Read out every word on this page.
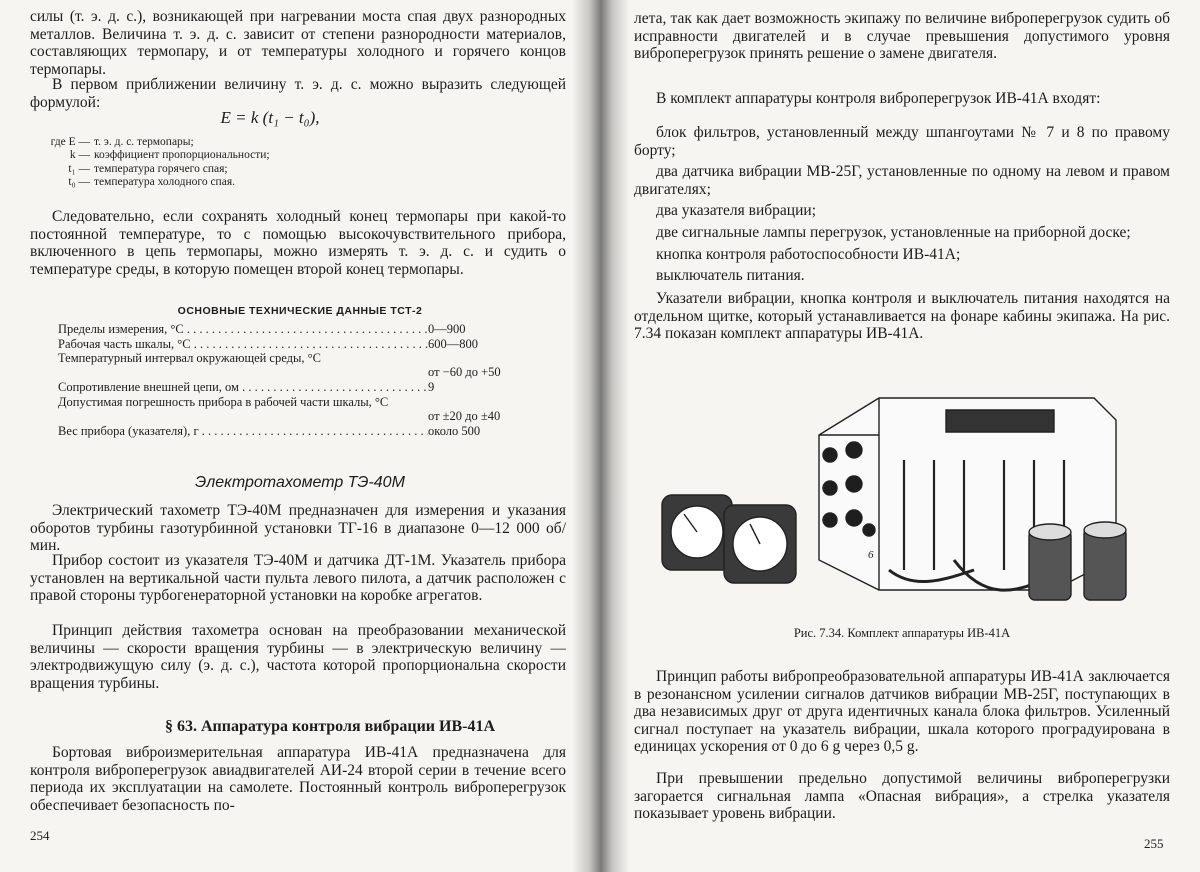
силы (т. э. д. с.), возникающей при нагревании моста спая двух разнородных металлов. Величина т. э. д. с. зависит от степени разнородности материалов, составляющих термопару, и от температуры холодного и горячего концов термопары.

В первом приближении величину т. э. д. с. можно выразить следующей формулой:

E = k (t₁ − t₀),

где E — т. э. д. с. термопары;
k — коэффициент пропорциональности;
t₁ — температура горячего спая;
t₀ — температура холодного спая.

Следовательно, если сохранять холодный конец термопары при какой-то постоянной температуре, то с помощью высокочувствительного прибора, включенного в цепь термопары, можно измерять т. э. д. с. и судить о температуре среды, в которую помещен второй конец термопары.

ОСНОВНЫЕ ТЕХНИЧЕСКИЕ ДАННЫЕ ТСТ-2

Пределы измерения, °С . . .	0—900
Рабочая часть шкалы, °С . . .	600—800
Температурный интервал окружающей среды, °С
от −60 до +50
Сопротивление внешней цепи, ом . . .	9
Допустимая погрешность прибора в рабочей части шкалы, °С
от ±20 до ±40
Вес прибора (указателя), г . . .	около 500

Электротахометр ТЭ-40М

Электрический тахометр ТЭ-40М предназначен для измерения и указания оборотов турбины газотурбинной установки ТГ-16 в диапазоне 0—12 000 об/мин.

Прибор состоит из указателя ТЭ-40М и датчика ДТ-1М. Указатель прибора установлен на вертикальной части пульта левого пилота, а датчик расположен с правой стороны турбогенераторной установки на коробке агрегатов.

Принцип действия тахометра основан на преобразовании механической величины — скорости вращения турбины — в электрическую величину — электродвижущую силу (э. д. с.), частота которой пропорциональна скорости вращения турбины.

§ 63. Аппаратура контроля вибрации ИВ-41А

Бортовая виброизмерительная аппаратура ИВ-41А предназначена для контроля виброперегрузок авиадвигателей АИ-24 второй серии в течение всего периода их эксплуатации на самолете. Постоянный контроль виброперегрузок обеспечивает безопасность по-

254

лета, так как дает возможность экипажу по величине виброперегрузок судить об исправности двигателей и в случае превышения допустимого уровня виброперегрузок принять решение о замене двигателя.

В комплект аппаратуры контроля виброперегрузок ИВ-41А входят:

блок фильтров, установленный между шпангоутами № 7 и 8 по правому борту;

два датчика вибрации МВ-25Г, установленные по одному на левом и правом двигателях;

два указателя вибрации;

две сигнальные лампы перегрузок, установленные на приборной доске;

кнопка контроля работоспособности ИВ-41А;

выключатель питания.

Указатели вибрации, кнопка контроля и выключатель питания находятся на отдельном щитке, который устанавливается на фонаре кабины экипажа. На рис. 7.34 показан комплект аппаратуры ИВ-41А.

6

Рис. 7.34. Комплект аппаратуры ИВ-41А

Принцип работы вибропреобразовательной аппаратуры ИВ-41А заключается в резонансном усилении сигналов датчиков вибрации МВ-25Г, поступающих в два независимых друг от друга идентичных канала блока фильтров. Усиленный сигнал поступает на указатель вибрации, шкала которого проградуирована в единицах ускорения от 0 до 6 g через 0,5 g.

При превышении предельно допустимой величины виброперегрузки загорается сигнальная лампа «Опасная вибрация», а стрелка указателя показывает уровень вибрации.

255
